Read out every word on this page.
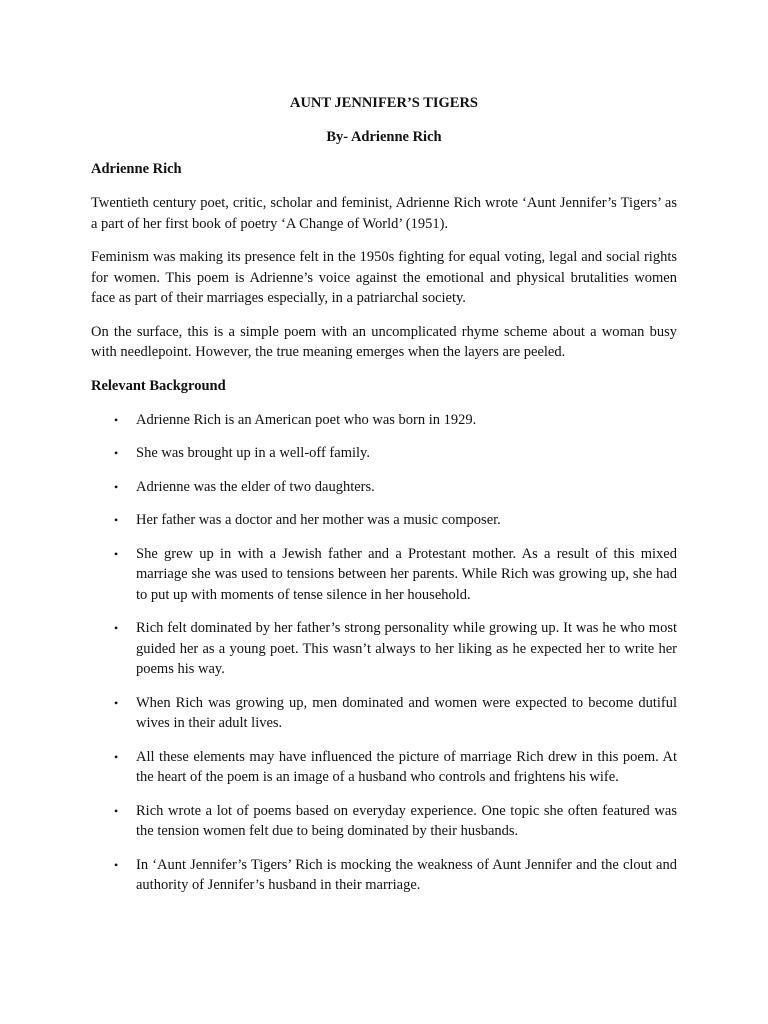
AUNT JENNIFER’S TIGERS
By- Adrienne Rich
Adrienne Rich

Twentieth century poet, critic, scholar and feminist, Adrienne Rich wrote ‘Aunt Jennifer’s Tigers’ as a part of her first book of poetry ‘A Change of World’ (1951).

Feminism was making its presence felt in the 1950s fighting for equal voting, legal and social rights for women. This poem is Adrienne’s voice against the emotional and physical brutalities women face as part of their marriages especially, in a patriarchal society.

On the surface, this is a simple poem with an uncomplicated rhyme scheme about a woman busy with needlepoint. However, the true meaning emerges when the layers are peeled.

Relevant Background
• Adrienne Rich is an American poet who was born in 1929.
• She was brought up in a well-off family.
• Adrienne was the elder of two daughters.
• Her father was a doctor and her mother was a music composer.
• She grew up in with a Jewish father and a Protestant mother. As a result of this mixed marriage she was used to tensions between her parents. While Rich was growing up, she had to put up with moments of tense silence in her household.
• Rich felt dominated by her father’s strong personality while growing up. It was he who most guided her as a young poet. This wasn’t always to her liking as he expected her to write her poems his way.
• When Rich was growing up, men dominated and women were expected to become dutiful wives in their adult lives.
• All these elements may have influenced the picture of marriage Rich drew in this poem. At the heart of the poem is an image of a husband who controls and frightens his wife.
• Rich wrote a lot of poems based on everyday experience. One topic she often featured was the tension women felt due to being dominated by their husbands.
• In ‘Aunt Jennifer’s Tigers’ Rich is mocking the weakness of Aunt Jennifer and the clout and authority of Jennifer’s husband in their marriage.
